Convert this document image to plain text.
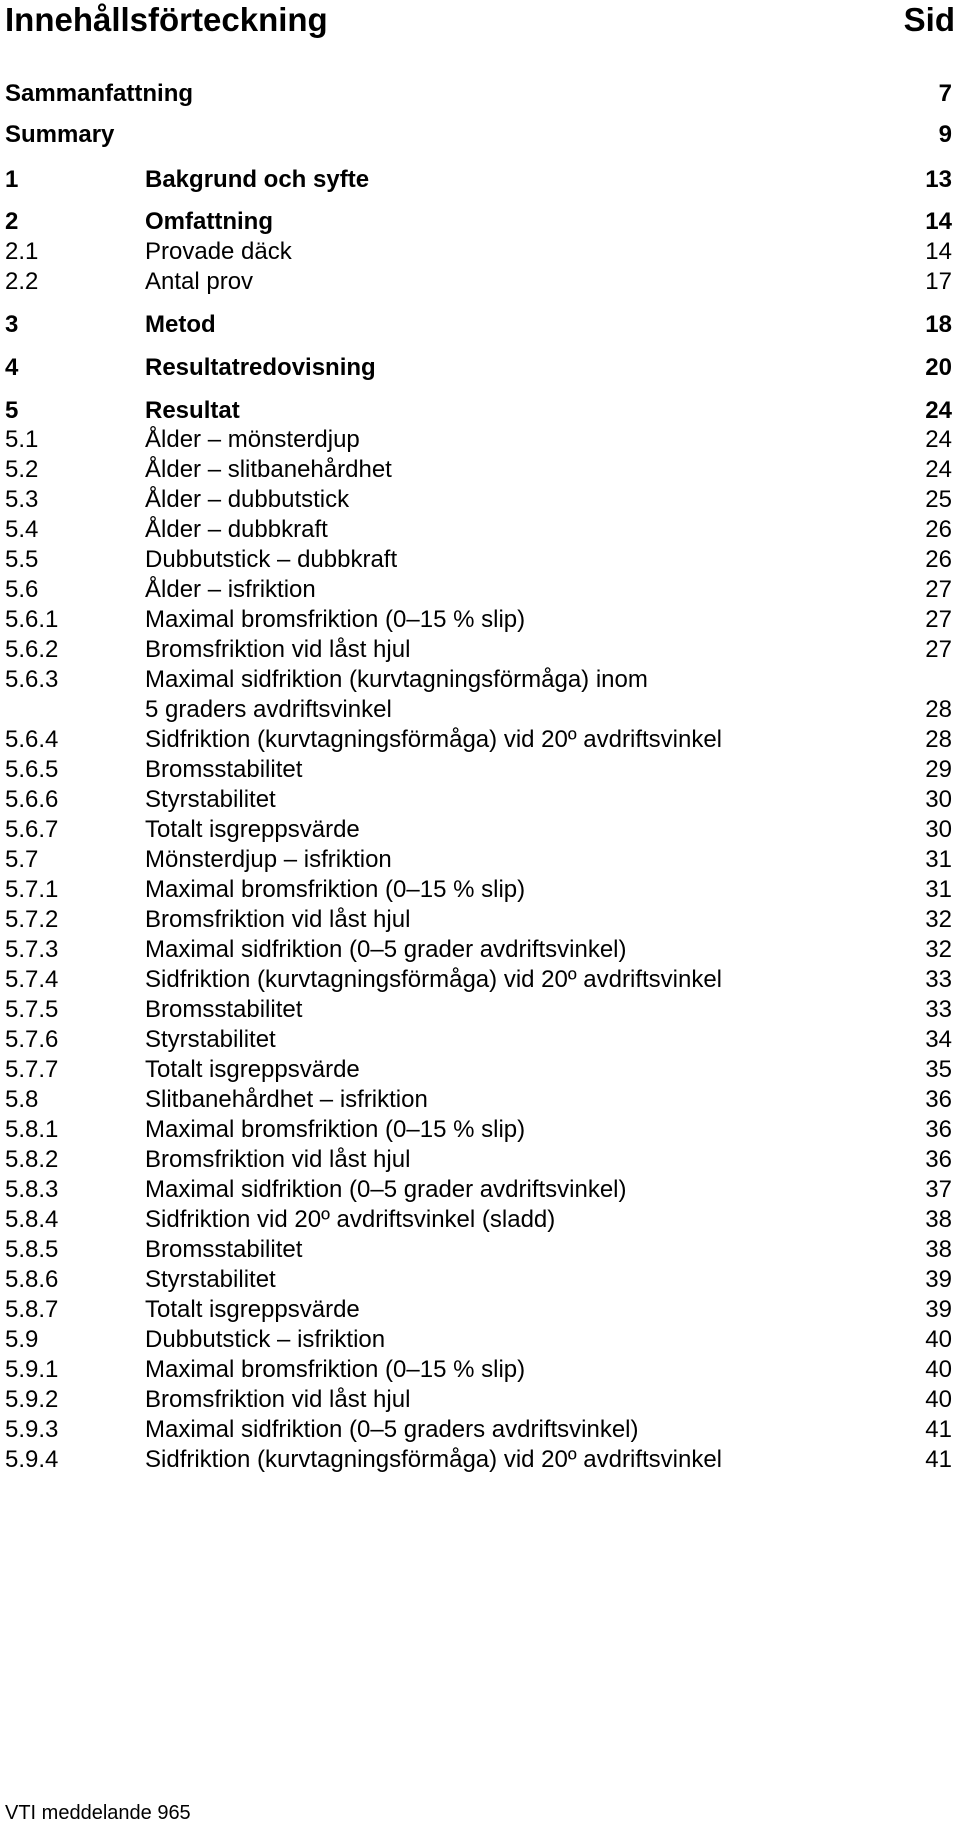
Innehållsförteckning	Sid
Sammanfattning	7
Summary	9
1	Bakgrund och syfte	13
2	Omfattning	14
2.1	Provade däck	14
2.2	Antal prov	17
3	Metod	18
4	Resultatredovisning	20
5	Resultat	24
5.1	Ålder – mönsterdjup	24
5.2	Ålder – slitbanehårdhet	24
5.3	Ålder – dubbutstick	25
5.4	Ålder – dubbkraft	26
5.5	Dubbutstick – dubbkraft	26
5.6	Ålder – isfriktion	27
5.6.1	Maximal bromsfriktion (0–15 % slip)	27
5.6.2	Bromsfriktion vid låst hjul	27
5.6.3	Maximal sidfriktion (kurvtagningsförmåga) inom
5 graders avdriftsvinkel	28
5.6.4	Sidfriktion (kurvtagningsförmåga) vid 20º avdriftsvinkel	28
5.6.5	Bromsstabilitet	29
5.6.6	Styrstabilitet	30
5.6.7	Totalt isgreppsvärde	30
5.7	Mönsterdjup – isfriktion	31
5.7.1	Maximal bromsfriktion (0–15 % slip)	31
5.7.2	Bromsfriktion vid låst hjul	32
5.7.3	Maximal sidfriktion (0–5 grader avdriftsvinkel)	32
5.7.4	Sidfriktion (kurvtagningsförmåga) vid 20º avdriftsvinkel	33
5.7.5	Bromsstabilitet	33
5.7.6	Styrstabilitet	34
5.7.7	Totalt isgreppsvärde	35
5.8	Slitbanehårdhet – isfriktion	36
5.8.1	Maximal bromsfriktion (0–15 % slip)	36
5.8.2	Bromsfriktion vid låst hjul	36
5.8.3	Maximal sidfriktion (0–5 grader avdriftsvinkel)	37
5.8.4	Sidfriktion vid 20º avdriftsvinkel (sladd)	38
5.8.5	Bromsstabilitet	38
5.8.6	Styrstabilitet	39
5.8.7	Totalt isgreppsvärde	39
5.9	Dubbutstick – isfriktion	40
5.9.1	Maximal bromsfriktion (0–15 % slip)	40
5.9.2	Bromsfriktion vid låst hjul	40
5.9.3	Maximal sidfriktion (0–5 graders avdriftsvinkel)	41
5.9.4	Sidfriktion (kurvtagningsförmåga) vid 20º avdriftsvinkel	41
VTI meddelande 965
